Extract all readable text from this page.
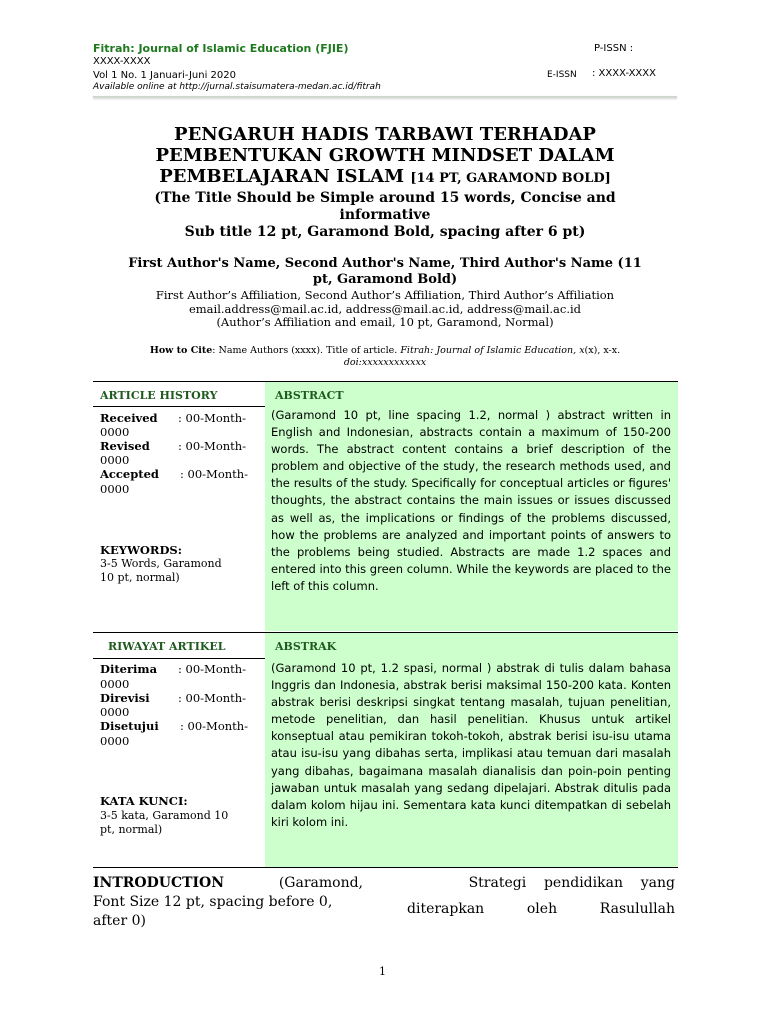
Fitrah: Journal of Islamic Education (FJIE)
XXXX-XXXX
Vol 1 No. 1 Januari-Juni 2020
Available online at http://jurnal.staisumatera-medan.ac.id/fitrah
P-ISSN :
E-ISSN : XXXX-XXXX
PENGARUH HADIS TARBAWI TERHADAP
PEMBENTUKAN GROWTH MINDSET DALAM
PEMBELAJARAN ISLAM [14 PT, GARAMOND BOLD]
(The Title Should be Simple around 15 words, Concise and
informative
Sub title 12 pt, Garamond Bold, spacing after 6 pt)
First Author's Name, Second Author's Name, Third Author's Name (11
pt, Garamond Bold)
First Author’s Affiliation, Second Author’s Affiliation, Third Author’s Affiliation
email.address@mail.ac.id, address@mail.ac.id, address@mail.ac.id
(Author’s Affiliation and email, 10 pt, Garamond, Normal)
How to Cite: Name Authors (xxxx). Title of article. Fitrah: Journal of Islamic Education, x(x), x-x.
doi:xxxxxxxxxxxx
ARTICLE HISTORY	ABSTRACT
Received : 00-Month-
0000
Revised : 00-Month-
0000
Accepted : 00-Month-
0000
KEYWORDS:
3-5 Words, Garamond
10 pt, normal)
(Garamond 10 pt, line spacing 1.2, normal ) abstract written in English and Indonesian, abstracts contain a maximum of 150-200 words. The abstract content contains a brief description of the problem and objective of the study, the research methods used, and the results of the study. Specifically for conceptual articles or figures' thoughts, the abstract contains the main issues or issues discussed as well as, the implications or findings of the problems discussed, how the problems are analyzed and important points of answers to the problems being studied. Abstracts are made 1.2 spaces and entered into this green column. While the keywords are placed to the left of this column.
RIWAYAT ARTIKEL	ABSTRAK
Diterima : 00-Month-
0000
Direvisi : 00-Month-
0000
Disetujui : 00-Month-
0000
KATA KUNCI:
3-5 kata, Garamond 10
pt, normal)
(Garamond 10 pt, 1.2 spasi, normal ) abstrak di tulis dalam bahasa Inggris dan Indonesia, abstrak berisi maksimal 150-200 kata. Konten abstrak berisi deskripsi singkat tentang masalah, tujuan penelitian, metode penelitian, dan hasil penelitian. Khusus untuk artikel konseptual atau pemikiran tokoh-tokoh, abstrak berisi isu-isu utama atau isu-isu yang dibahas serta, implikasi atau temuan dari masalah yang dibahas, bagaimana masalah dianalisis dan poin-poin penting jawaban untuk masalah yang sedang dipelajari. Abstrak ditulis pada dalam kolom hijau ini. Sementara kata kunci ditempatkan di sebelah kiri kolom ini.
INTRODUCTION	(Garamond,
Font Size 12 pt, spacing before 0,
after 0)
Strategi    pendidikan    yang
diterapkan	oleh	Rasulullah
1
